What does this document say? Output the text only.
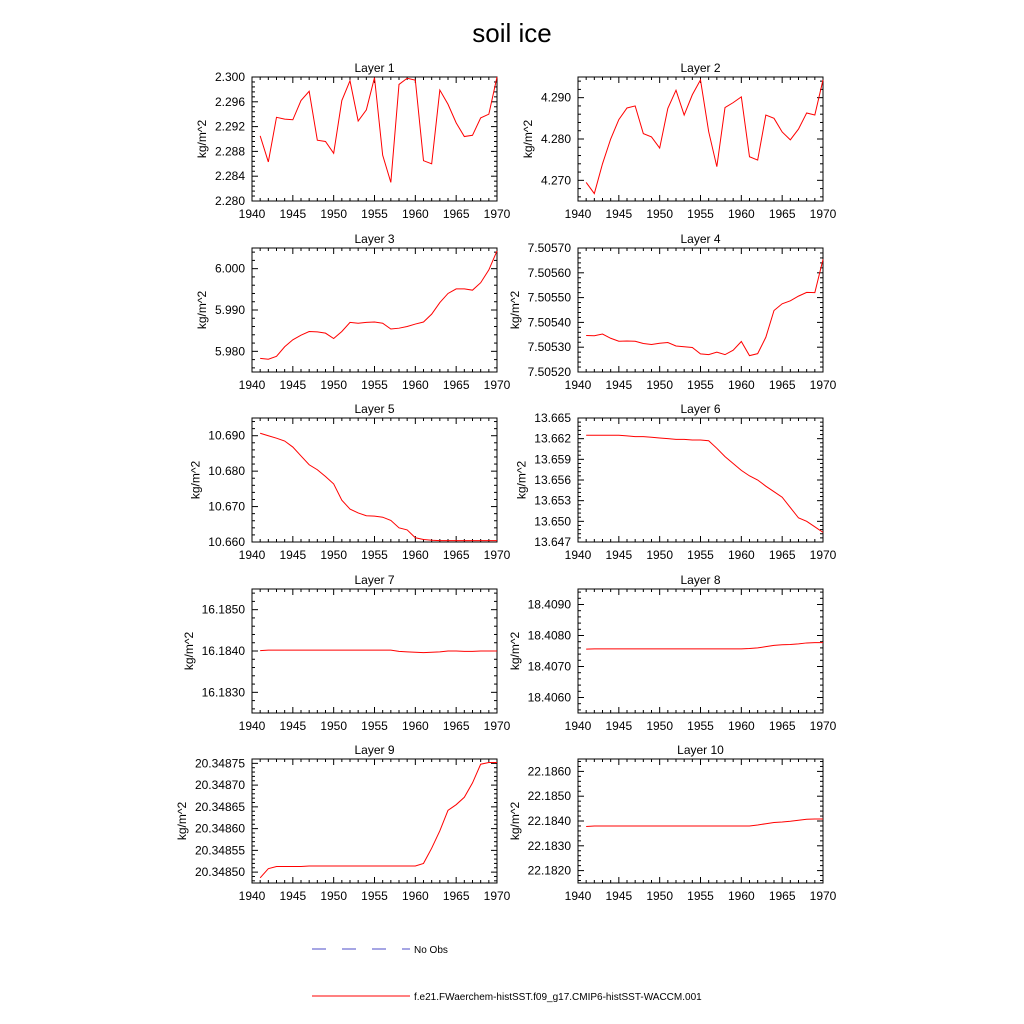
soil ice
Layer 1
1940 1945 1950 1955 1960 1965 1970
2.280
2.284
2.288
2.292
2.296
2.300
kg/m^2
Layer 2
1940 1945 1950 1955 1960 1965 1970
4.270
4.280
4.290
kg/m^2
Layer 3
1940 1945 1950 1955 1960 1965 1970
5.980
5.990
6.000
kg/m^2
Layer 4
1940 1945 1950 1955 1960 1965 1970
7.50520
7.50530
7.50540
7.50550
7.50560
7.50570
kg/m^2
Layer 5
1940 1945 1950 1955 1960 1965 1970
10.660
10.670
10.680
10.690
kg/m^2
Layer 6
1940 1945 1950 1955 1960 1965 1970
13.647
13.650
13.653
13.656
13.659
13.662
13.665
kg/m^2
Layer 7
1940 1945 1950 1955 1960 1965 1970
16.1830
16.1840
16.1850
kg/m^2
Layer 8
1940 1945 1950 1955 1960 1965 1970
18.4060
18.4070
18.4080
18.4090
kg/m^2
Layer 9
1940 1945 1950 1955 1960 1965 1970
20.34850
20.34855
20.34860
20.34865
20.34870
20.34875
kg/m^2
Layer 10
1940 1945 1950 1955 1960 1965 1970
22.1820
22.1830
22.1840
22.1850
22.1860
kg/m^2
No Obs
f.e21.FWaerchem-histSST.f09_g17.CMIP6-histSST-WACCM.001
